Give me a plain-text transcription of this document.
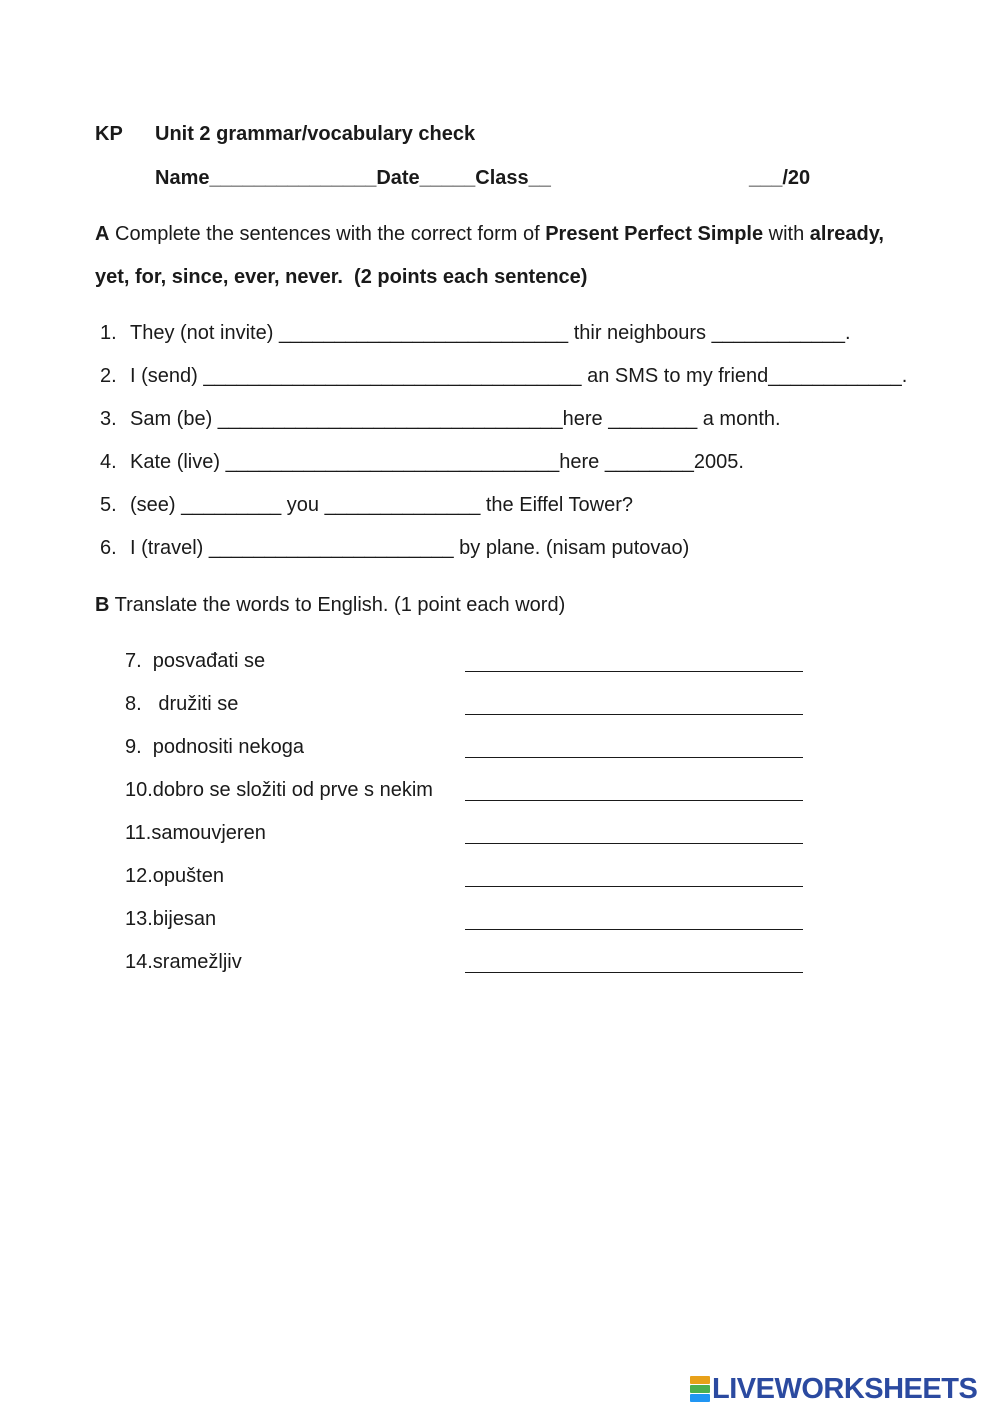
KP Unit 2 grammar/vocabulary check
Name_______________Date_____Class__	___/20
A Complete the sentences with the correct form of Present Perfect Simple with already,
yet, for, since, ever, never.  (2 points each sentence)
1. They (not invite) __________________________ thir neighbours ____________.
2. I (send) __________________________________ an SMS to my friend____________.
3. Sam (be) _______________________________here ________ a month.
4. Kate (live) ______________________________here ________2005.
5. (see) _________ you ______________ the Eiffel Tower?
6. I (travel) ______________________ by plane. (nisam putovao)
B Translate the words to English. (1 point each word)
7.  posvađati se
8.   družiti se
9.  podnositi nekoga
10.dobro se složiti od prve s nekim
11.samouvjeren
12.opušten
13.bijesan
14.sramežljiv
LIVEWORKSHEETS
